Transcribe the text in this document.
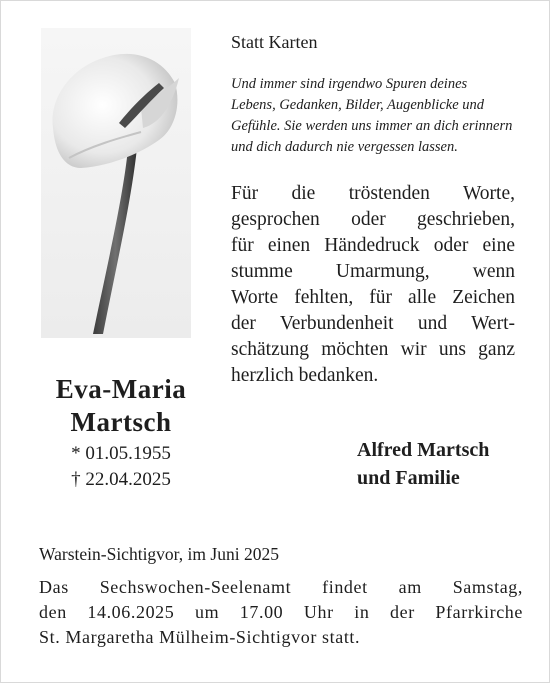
Eva-Maria
Martsch
* 01.05.1955
† 22.04.2025
Statt Karten
Und immer sind irgendwo Spuren deines
Lebens, Gedanken, Bilder, Augenblicke und
Gefühle. Sie werden uns immer an dich erinnern
und dich dadurch nie vergessen lassen.
Für die tröstenden Worte,
gesprochen oder geschrieben,
für einen Händedruck oder eine
stumme Umarmung, wenn
Worte fehlten, für alle Zeichen
der Verbundenheit und Wert-
schätzung möchten wir uns ganz
herzlich bedanken.
Alfred Martsch
und Familie
Warstein-Sichtigvor, im Juni 2025
Das Sechswochen-Seelenamt findet am Samstag,
den 14.06.2025 um 17.00 Uhr in der Pfarrkirche
St. Margaretha Mülheim-Sichtigvor statt.
